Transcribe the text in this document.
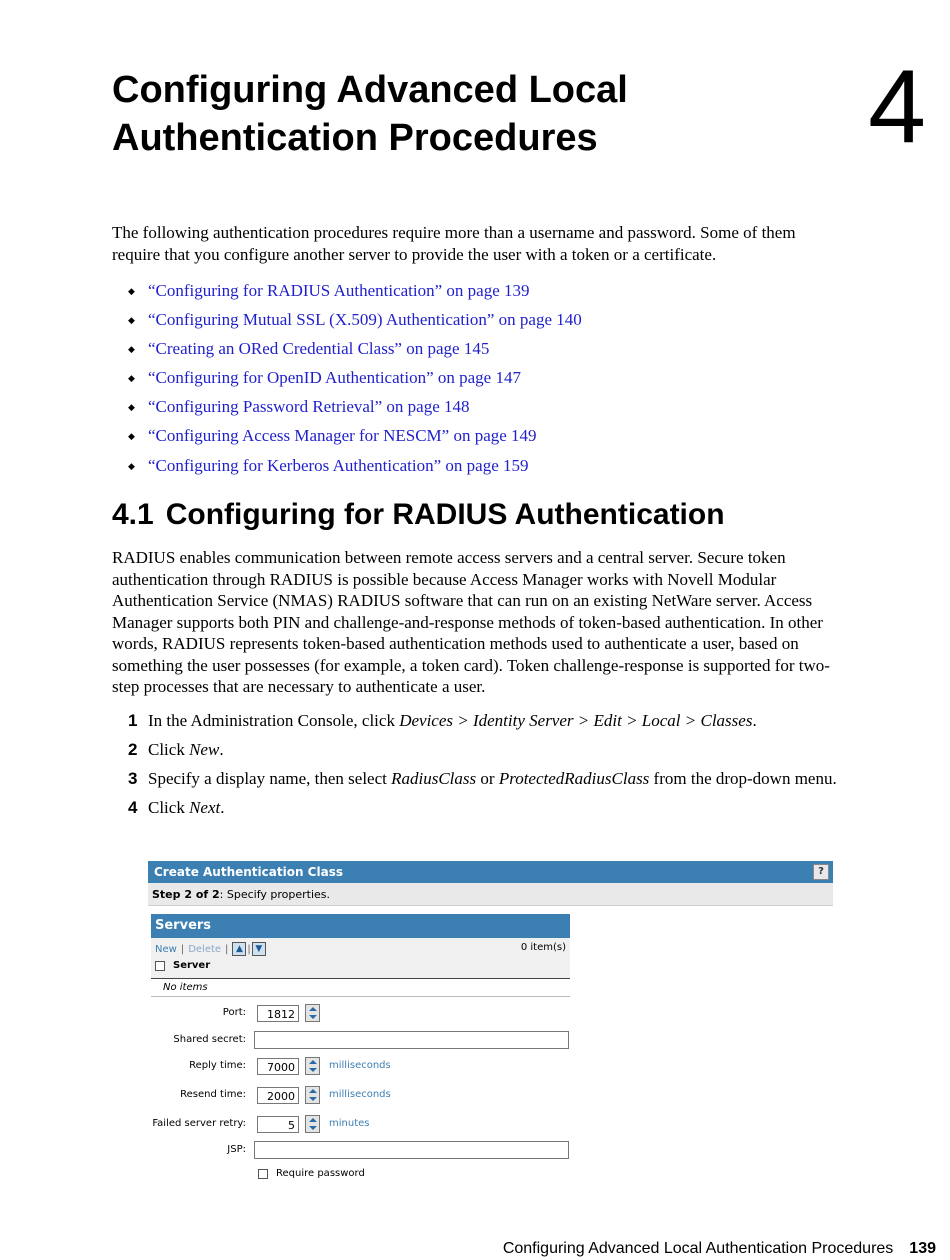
Configuring Advanced Local
Authentication Procedures	4

The following authentication procedures require more than a username and password. Some of them require that you configure another server to provide the user with a token or a certificate.

◆ “Configuring for RADIUS Authentication” on page 139
◆ “Configuring Mutual SSL (X.509) Authentication” on page 140
◆ “Creating an ORed Credential Class” on page 145
◆ “Configuring for OpenID Authentication” on page 147
◆ “Configuring Password Retrieval” on page 148
◆ “Configuring Access Manager for NESCM” on page 149
◆ “Configuring for Kerberos Authentication” on page 159
4.1 Configuring for RADIUS Authentication

RADIUS enables communication between remote access servers and a central server. Secure token authentication through RADIUS is possible because Access Manager works with Novell Modular Authentication Service (NMAS) RADIUS software that can run on an existing NetWare server. Access Manager supports both PIN and challenge-and-response methods of token-based authentication. In other words, RADIUS represents token-based authentication methods used to authenticate a user, based on something the user possesses (for example, a token card). Token challenge-response is supported for two-step processes that are necessary to authenticate a user.

1 In the Administration Console, click Devices > Identity Server > Edit > Local > Classes.
2 Click New.
3 Specify a display name, then select RadiusClass or ProtectedRadiusClass from the drop-down menu.
4 Click Next.
Create Authentication Class	?
Step 2 of 2: Specify properties.
Servers
New | Delete | ▲ | ▼	0 item(s)
Server
No items
Port:	1812
Shared secret:
Reply time:	7000	milliseconds
Resend time:	2000	milliseconds
Failed server retry:	5	minutes
JSP:
Require password
Configuring Advanced Local Authentication Procedures 139
